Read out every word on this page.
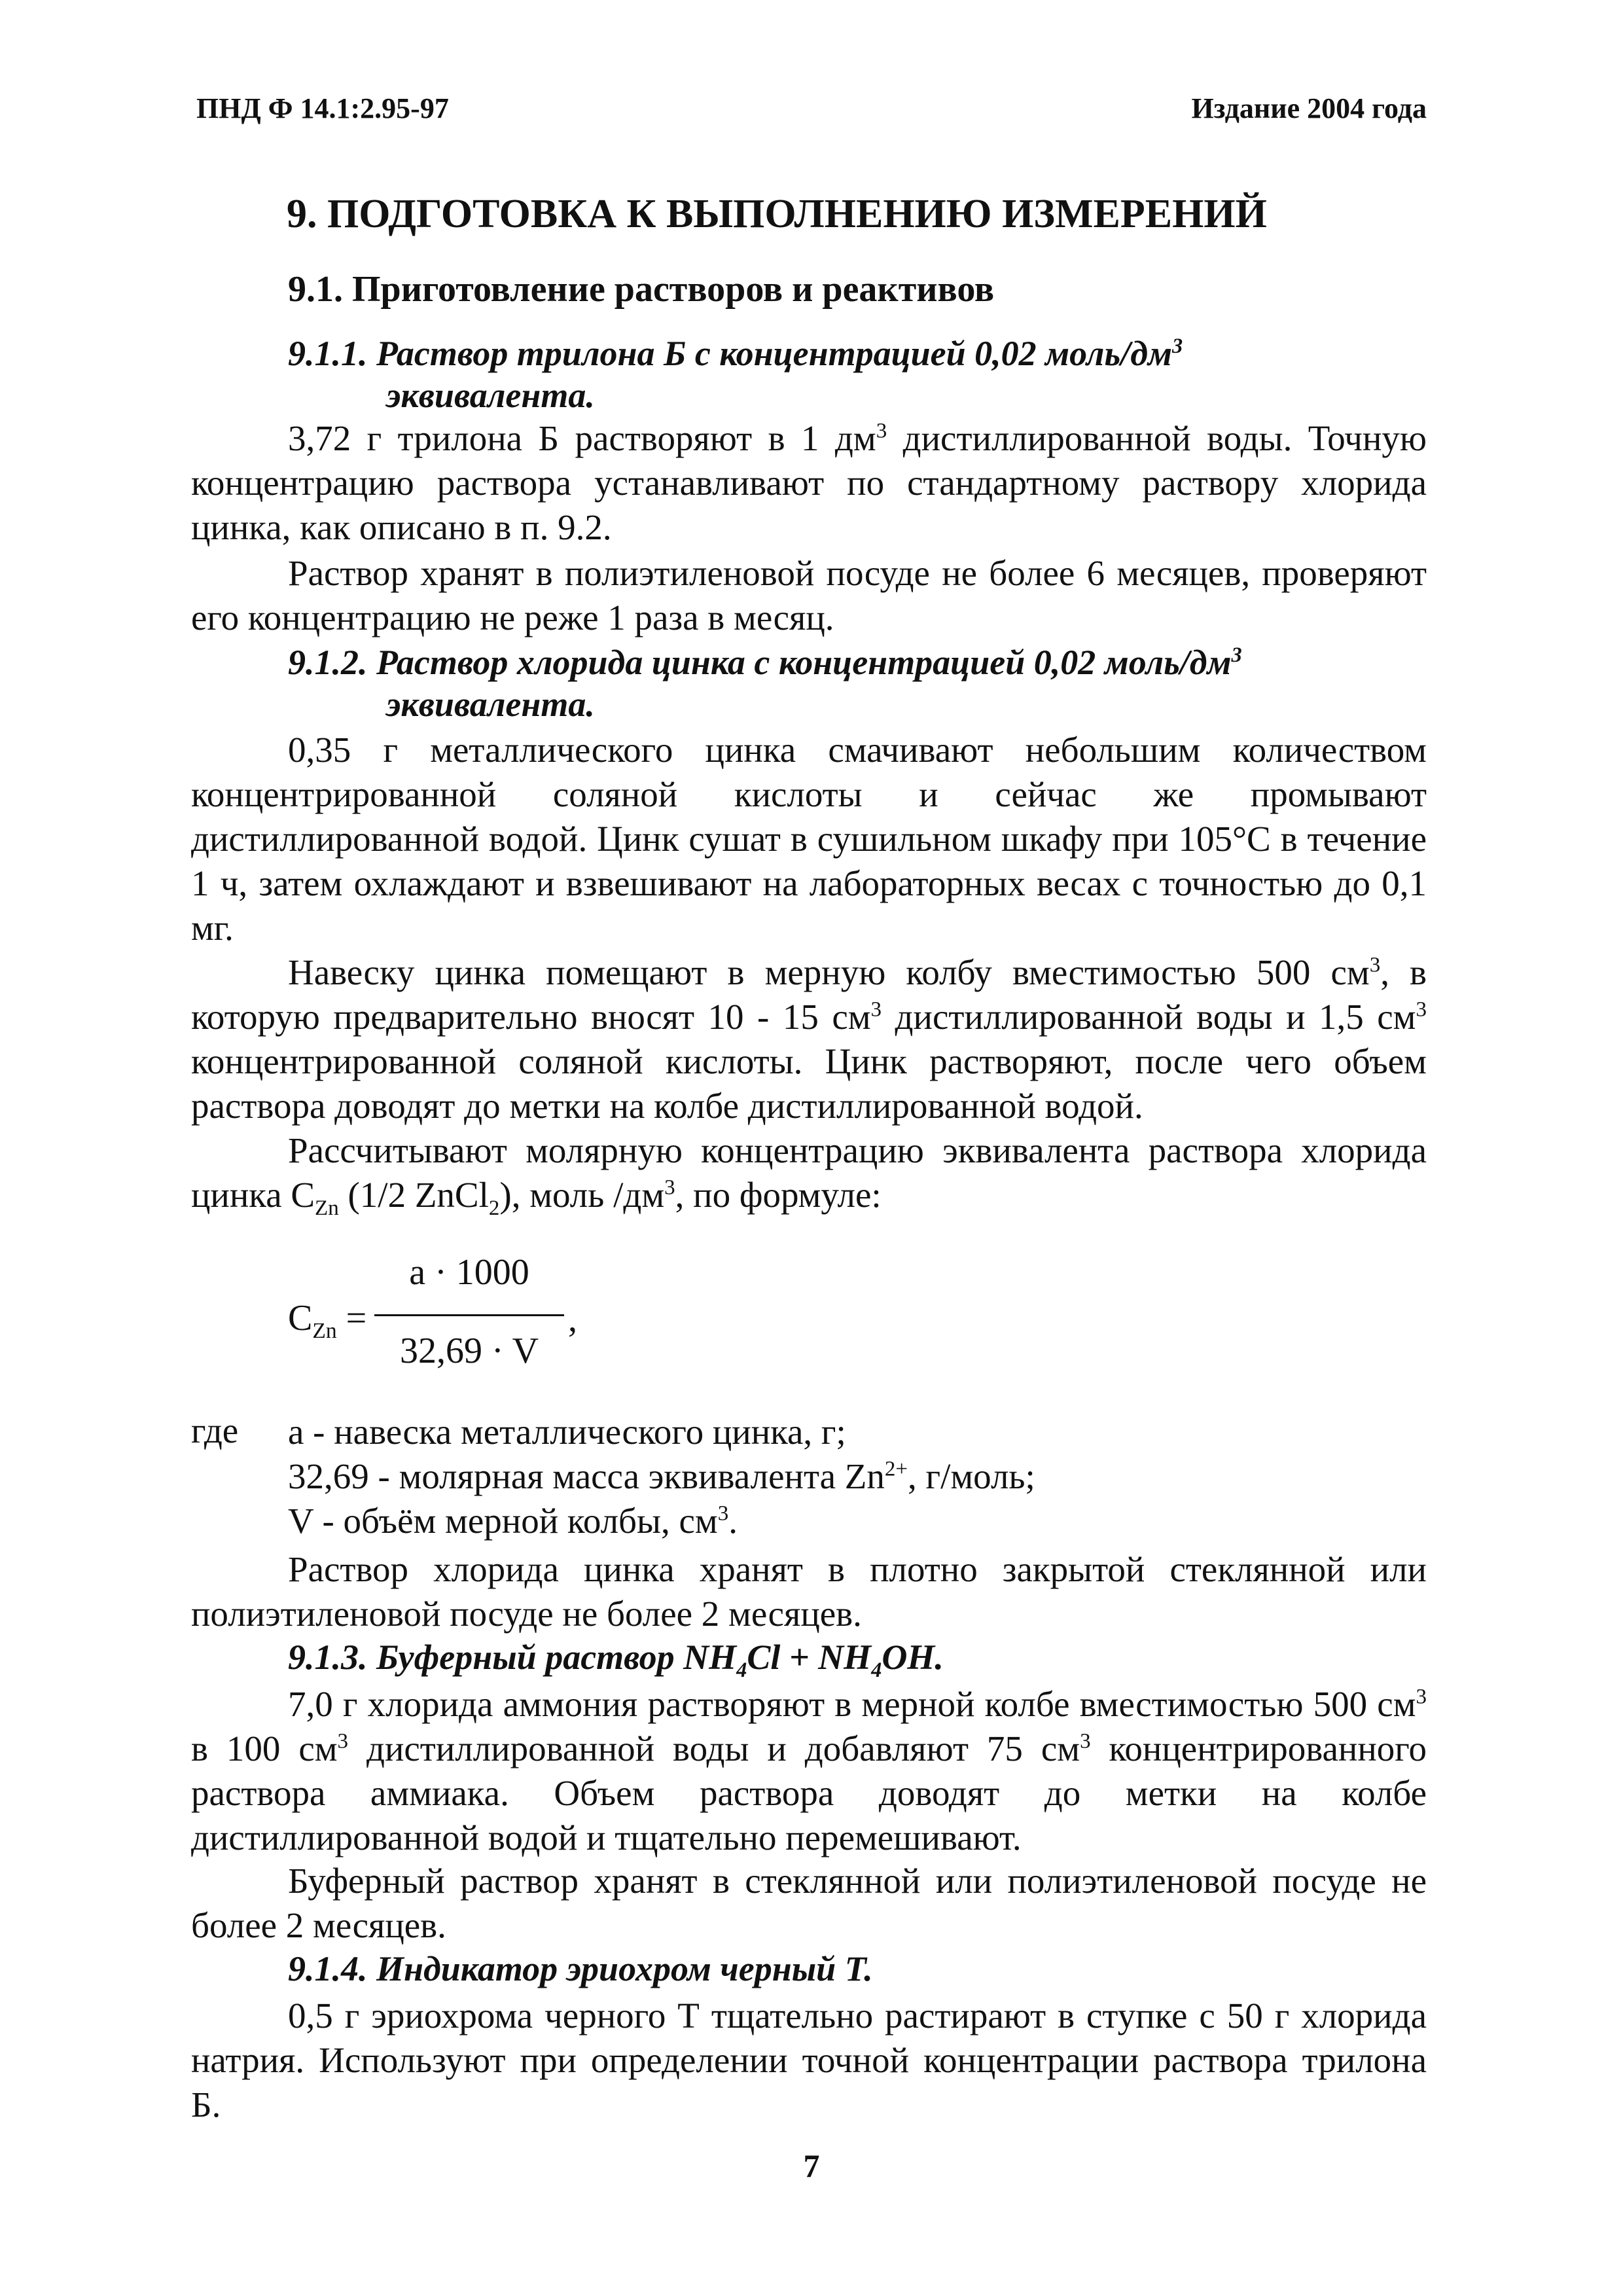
ПНД Ф 14.1:2.95-97	Издание 2004 года
9. ПОДГОТОВКА К ВЫПОЛНЕНИЮ ИЗМЕРЕНИЙ
9.1. Приготовление растворов и реактивов
9.1.1. Раствор трилона Б с концентрацией 0,02 моль/$дм^3$
эквивалента.
3,72 г трилона Б растворяют в 1 $дм^3$ дистиллированной воды. Точную концентрацию раствора устанавливают по стандартному раствору хлорида цинка, как описано в п. 9.2.
Раствор хранят в полиэтиленовой посуде не более 6 месяцев, проверяют его концентрацию не реже 1 раза в месяц.
9.1.2. Раствор хлорида цинка с концентрацией 0,02 моль/$дм^3$
эквивалента.
0,35 г металлического цинка смачивают небольшим количеством концентрированной соляной кислоты и сейчас же промывают дистиллированной водой. Цинк сушат в сушильном шкафу при 105°С в течение 1 ч, затем охлаждают и взвешивают на лабораторных весах с точностью до 0,1 мг.
Навеску цинка помещают в мерную колбу вместимостью 500 $см^3$, в которую предварительно вносят 10 - 15 $см^3$ дистиллированной воды и 1,5 $см^3$ концентрированной соляной кислоты. Цинк растворяют, после чего объем раствора доводят до метки на колбе дистиллированной водой.
Рассчитывают молярную концентрацию эквивалента раствора хлорида цинка $С_{Zn}$ (1/2 ZnCl$_2$), моль $/дм^3$, по формуле:
$С_{Zn}$ =
a · 1000
32,69 · V
,
где a - навеска металлического цинка, г;
32,69 - молярная масса эквивалента $Zn^{2+}$, г/моль;
V - объём мерной колбы, $см^3$.
Раствор хлорида цинка хранят в плотно закрытой стеклянной или полиэтиленовой посуде не более 2 месяцев.
9.1.3. Буферный раствор $NH_4Cl + NH_4OH$.
7,0 г хлорида аммония растворяют в мерной колбе вместимостью 500 $см^3$ в 100 $см^3$ дистиллированной воды и добавляют 75 $см^3$ концентрированного раствора аммиака. Объем раствора доводят до метки на колбе дистиллированной водой и тщательно перемешивают.
Буферный раствор хранят в стеклянной или полиэтиленовой посуде не более 2 месяцев.
9.1.4. Индикатор эриохром черный Т.
0,5 г эриохрома черного Т тщательно растирают в ступке с 50 г хлорида натрия. Используют при определении точной концентрации раствора трилона Б.
7
